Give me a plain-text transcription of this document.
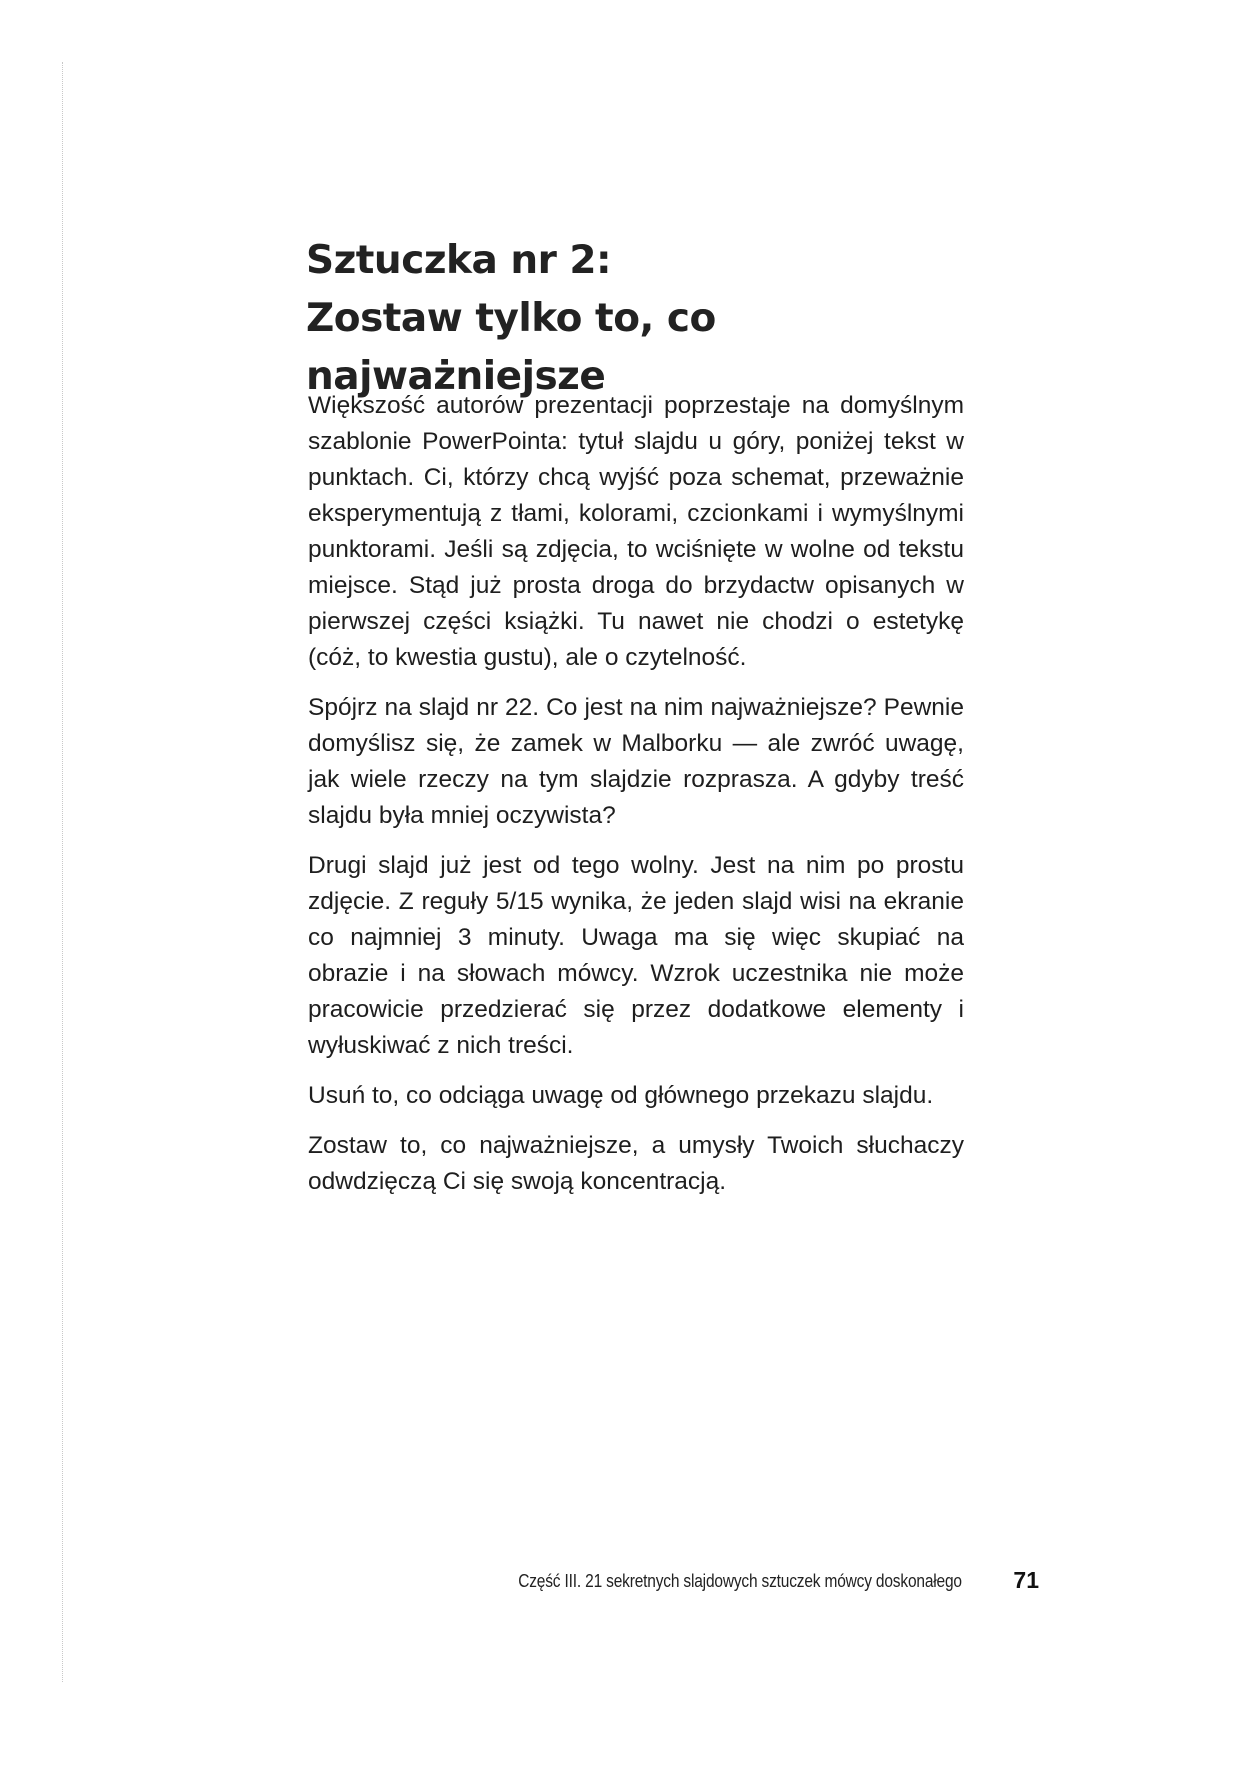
Sztuczka nr 2:
Zostaw tylko to, co najważniejsze

Większość autorów prezentacji poprzestaje na domyślnym szablonie PowerPointa: tytuł slajdu u góry, poniżej tekst w punktach. Ci, którzy chcą wyjść poza schemat, przeważnie eksperymentują z tłami, kolorami, czcionkami i wymyślnymi punktorami. Jeśli są zdjęcia, to wciśnięte w wolne od tekstu miejsce. Stąd już prosta droga do brzydactw opisanych w pierwszej części książki. Tu nawet nie chodzi o estetykę (cóż, to kwestia gustu), ale o czytelność.

Spójrz na slajd nr 22. Co jest na nim najważniejsze? Pewnie domyślisz się, że zamek w Malborku — ale zwróć uwagę, jak wiele rzeczy na tym slajdzie rozprasza. A gdyby treść slajdu była mniej oczywista?

Drugi slajd już jest od tego wolny. Jest na nim po prostu zdjęcie. Z reguły 5/15 wynika, że jeden slajd wisi na ekranie co najmniej 3 minuty. Uwaga ma się więc skupiać na obrazie i na słowach mówcy. Wzrok uczestnika nie może pracowicie przedzierać się przez dodatkowe elementy i wyłuskiwać z nich treści.

Usuń to, co odciąga uwagę od głównego przekazu slajdu.

Zostaw to, co najważniejsze, a umysły Twoich słuchaczy odwdzięczą Ci się swoją koncentracją.

Część III. 21 sekretnych slajdowych sztuczek mówcy doskonałego 71
